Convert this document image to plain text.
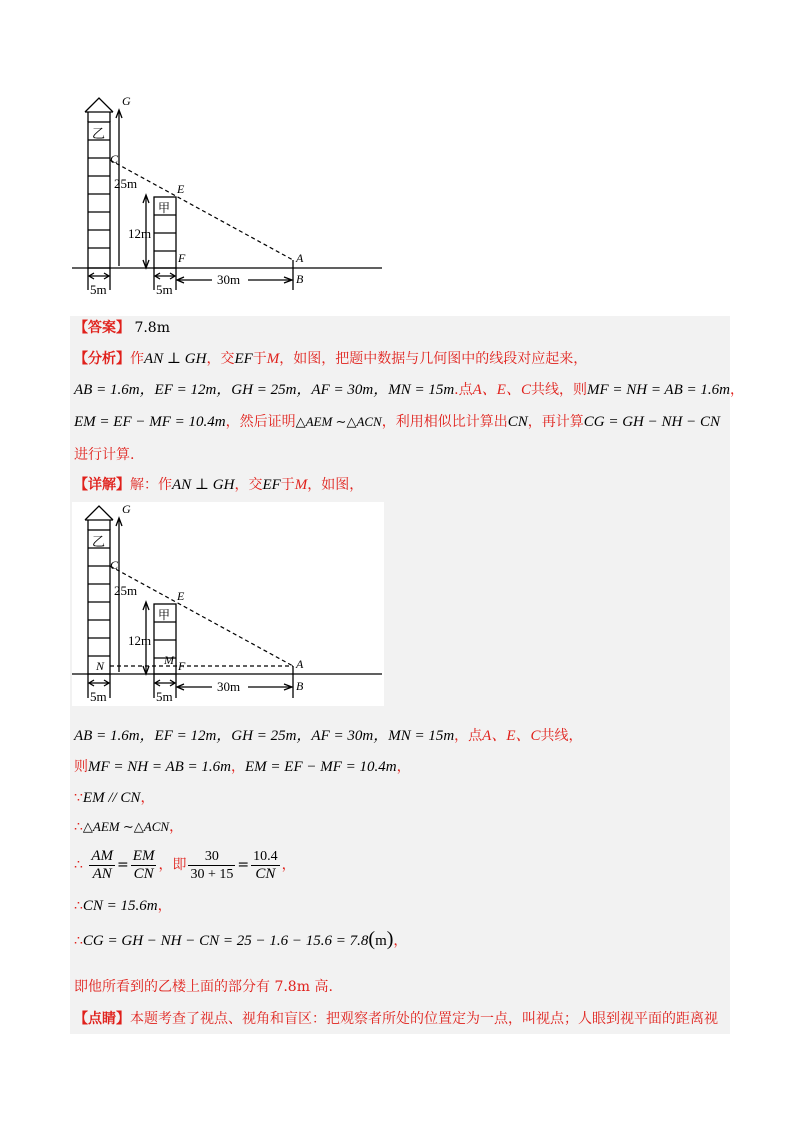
G
C
E
A
B
F
乙
甲
25m
12m
30m
5m	5m
【答案】 7.8m
【分析】作AN ⊥ GH，交EF于M，如图，把题中数据与几何图中的线段对应起来，
AB = 1.6m，EF = 12m，GH = 25m，AF = 30m，MN = 15m.点A、E、C共线，则MF = NH = AB = 1.6m，
EM = EF − MF = 10.4m，然后证明△AEM ∼△ACN，利用相似比计算出CN，再计算CG = GH − NH − CN
进行计算.
【详解】解：作AN ⊥ GH，交EF于M，如图，
G
C
E
A
B
F
M
N
乙
甲
25m
12m
30m
5m	5m
AB = 1.6m，EF = 12m，GH = 25m，AF = 30m，MN = 15m，点A、E、C共线，
则MF = NH = AB = 1.6m，EM = EF − MF = 10.4m，
∵EM // CN，
∴△AEM ∼△ACN，
∴ $\frac{AM}{AN} = \frac{EM}{CN}$ ，即 $\frac{30}{30 + 15} = \frac{10.4}{CN}$ ，
∴CN = 15.6m，
∴CG = GH − NH − CN = 25 − 1.6 − 15.6 = 7.8(m)，
即他所看到的乙楼上面的部分有 7.8m 高.
【点睛】本题考查了视点、视角和盲区：把观察者所处的位置定为一点，叫视点；人眼到视平面的距离视
